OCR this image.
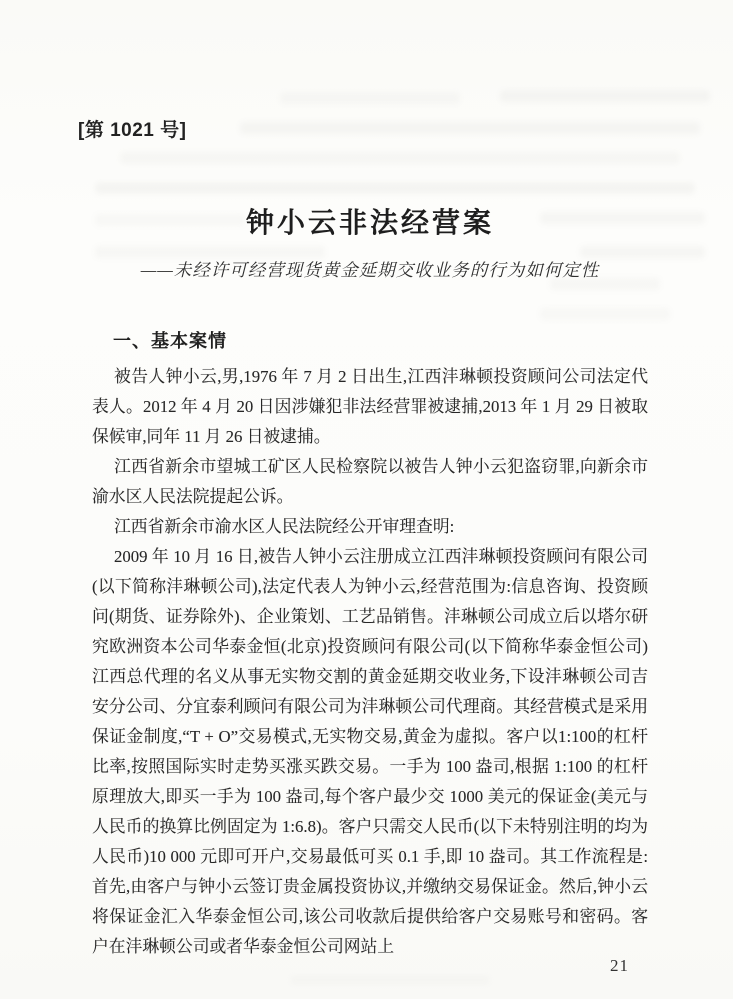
[第 1021 号]
钟小云非法经营案
——未经许可经营现货黄金延期交收业务的行为如何定性
一、基本案情

被告人钟小云,男,1976 年 7 月 2 日出生,江西沣琳顿投资顾问公司法定代表人。2012 年 4 月 20 日因涉嫌犯非法经营罪被逮捕,2013 年 1 月 29 日被取保候审,同年 11 月 26 日被逮捕。

江西省新余市望城工矿区人民检察院以被告人钟小云犯盗窃罪,向新余市渝水区人民法院提起公诉。

江西省新余市渝水区人民法院经公开审理查明:

2009 年 10 月 16 日,被告人钟小云注册成立江西沣琳顿投资顾问有限公司(以下简称沣琳顿公司),法定代表人为钟小云,经营范围为:信息咨询、投资顾问(期货、证券除外)、企业策划、工艺品销售。沣琳顿公司成立后以塔尔研究欧洲资本公司华泰金恒(北京)投资顾问有限公司(以下简称华泰金恒公司)江西总代理的名义从事无实物交割的黄金延期交收业务,下设沣琳顿公司吉安分公司、分宜泰利顾问有限公司为沣琳顿公司代理商。其经营模式是采用保证金制度,“T + O”交易模式,无实物交易,黄金为虚拟。客户以1:100的杠杆比率,按照国际实时走势买涨买跌交易。一手为 100 盎司,根据 1:100 的杠杆原理放大,即买一手为 100 盎司,每个客户最少交 1000 美元的保证金(美元与人民币的换算比例固定为 1:6.8)。客户只需交人民币(以下未特别注明的均为人民币)10 000 元即可开户,交易最低可买 0.1 手,即 10 盎司。其工作流程是:首先,由客户与钟小云签订贵金属投资协议,并缴纳交易保证金。然后,钟小云将保证金汇入华泰金恒公司,该公司收款后提供给客户交易账号和密码。客户在沣琳顿公司或者华泰金恒公司网站上

21
